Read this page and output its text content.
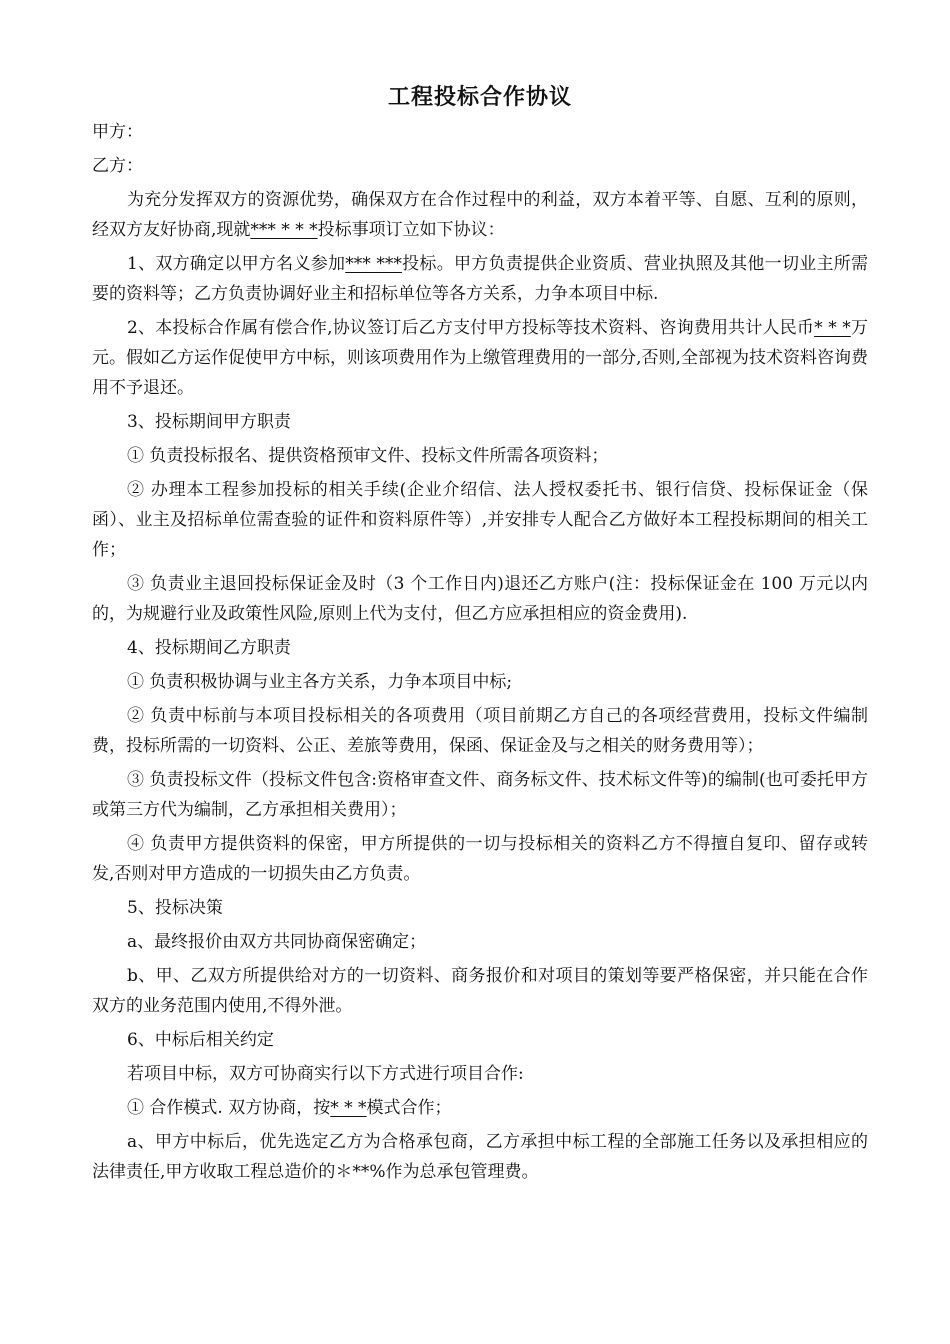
工程投标合作协议

甲方：

乙方：

为充分发挥双方的资源优势，确保双方在合作过程中的利益，双方本着平等、自愿、互利的原则，经双方友好协商,现就*** * * *投标事项订立如下协议：

1、双方确定以甲方名义参加*** ***投标。甲方负责提供企业资质、营业执照及其他一切业主所需要的资料等；乙方负责协调好业主和招标单位等各方关系，力争本项目中标.

2、本投标合作属有偿合作,协议签订后乙方支付甲方投标等技术资料、咨询费用共计人民币* * *万元。假如乙方运作促使甲方中标，则该项费用作为上缴管理费用的一部分,否则,全部视为技术资料咨询费用不予退还。

3、投标期间甲方职责

① 负责投标报名、提供资格预审文件、投标文件所需各项资料；

② 办理本工程参加投标的相关手续(企业介绍信、法人授权委托书、银行信贷、投标保证金（保函）、业主及招标单位需查验的证件和资料原件等）,并安排专人配合乙方做好本工程投标期间的相关工作；

③ 负责业主退回投标保证金及时（3 个工作日内)退还乙方账户(注：投标保证金在 100 万元以内的，为规避行业及政策性风险,原则上代为支付，但乙方应承担相应的资金费用).

4、投标期间乙方职责

① 负责积极协调与业主各方关系，力争本项目中标;

② 负责中标前与本项目投标相关的各项费用（项目前期乙方自己的各项经营费用，投标文件编制费，投标所需的一切资料、公正、差旅等费用，保函、保证金及与之相关的财务费用等）；

③ 负责投标文件（投标文件包含:资格审查文件、商务标文件、技术标文件等)的编制(也可委托甲方或第三方代为编制，乙方承担相关费用）；

④ 负责甲方提供资料的保密，甲方所提供的一切与投标相关的资料乙方不得擅自复印、留存或转发,否则对甲方造成的一切损失由乙方负责。

5、投标决策

a、最终报价由双方共同协商保密确定；

b、甲、乙双方所提供给对方的一切资料、商务报价和对项目的策划等要严格保密，并只能在合作双方的业务范围内使用,不得外泄。

6、中标后相关约定

若项目中标，双方可协商实行以下方式进行项目合作:

① 合作模式. 双方协商，按* * *模式合作；

a、甲方中标后，优先选定乙方为合格承包商，乙方承担中标工程的全部施工任务以及承担相应的法律责任,甲方收取工程总造价的＊**%作为总承包管理费。
